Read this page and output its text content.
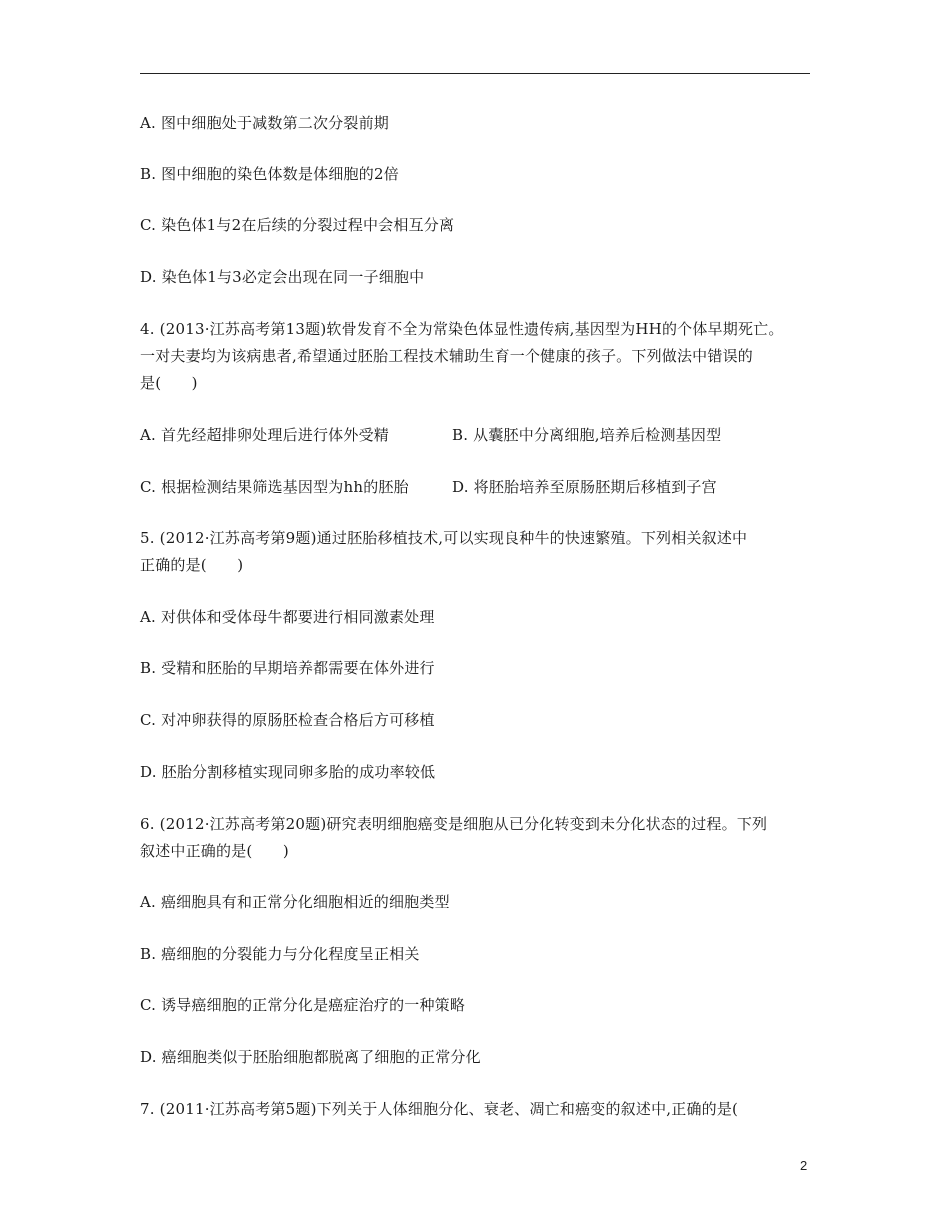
A. 图中细胞处于减数第二次分裂前期
B. 图中细胞的染色体数是体细胞的2倍
C. 染色体1与2在后续的分裂过程中会相互分离
D. 染色体1与3必定会出现在同一子细胞中
4. (2013·江苏高考第13题)软骨发育不全为常染色体显性遗传病,基因型为HH的个体早期死亡。
一对夫妻均为该病患者,希望通过胚胎工程技术辅助生育一个健康的孩子。下列做法中错误的
是(　　)
A. 首先经超排卵处理后进行体外受精	B. 从囊胚中分离细胞,培养后检测基因型
C. 根据检测结果筛选基因型为hh的胚胎	D. 将胚胎培养至原肠胚期后移植到子宫
5. (2012·江苏高考第9题)通过胚胎移植技术,可以实现良种牛的快速繁殖。下列相关叙述中
正确的是(　　)
A. 对供体和受体母牛都要进行相同激素处理
B. 受精和胚胎的早期培养都需要在体外进行
C. 对冲卵获得的原肠胚检查合格后方可移植
D. 胚胎分割移植实现同卵多胎的成功率较低
6. (2012·江苏高考第20题)研究表明细胞癌变是细胞从已分化转变到未分化状态的过程。下列
叙述中正确的是(　　)
A. 癌细胞具有和正常分化细胞相近的细胞类型
B. 癌细胞的分裂能力与分化程度呈正相关
C. 诱导癌细胞的正常分化是癌症治疗的一种策略
D. 癌细胞类似于胚胎细胞都脱离了细胞的正常分化
7. (2011·江苏高考第5题)下列关于人体细胞分化、衰老、凋亡和癌变的叙述中,正确的是(
2
